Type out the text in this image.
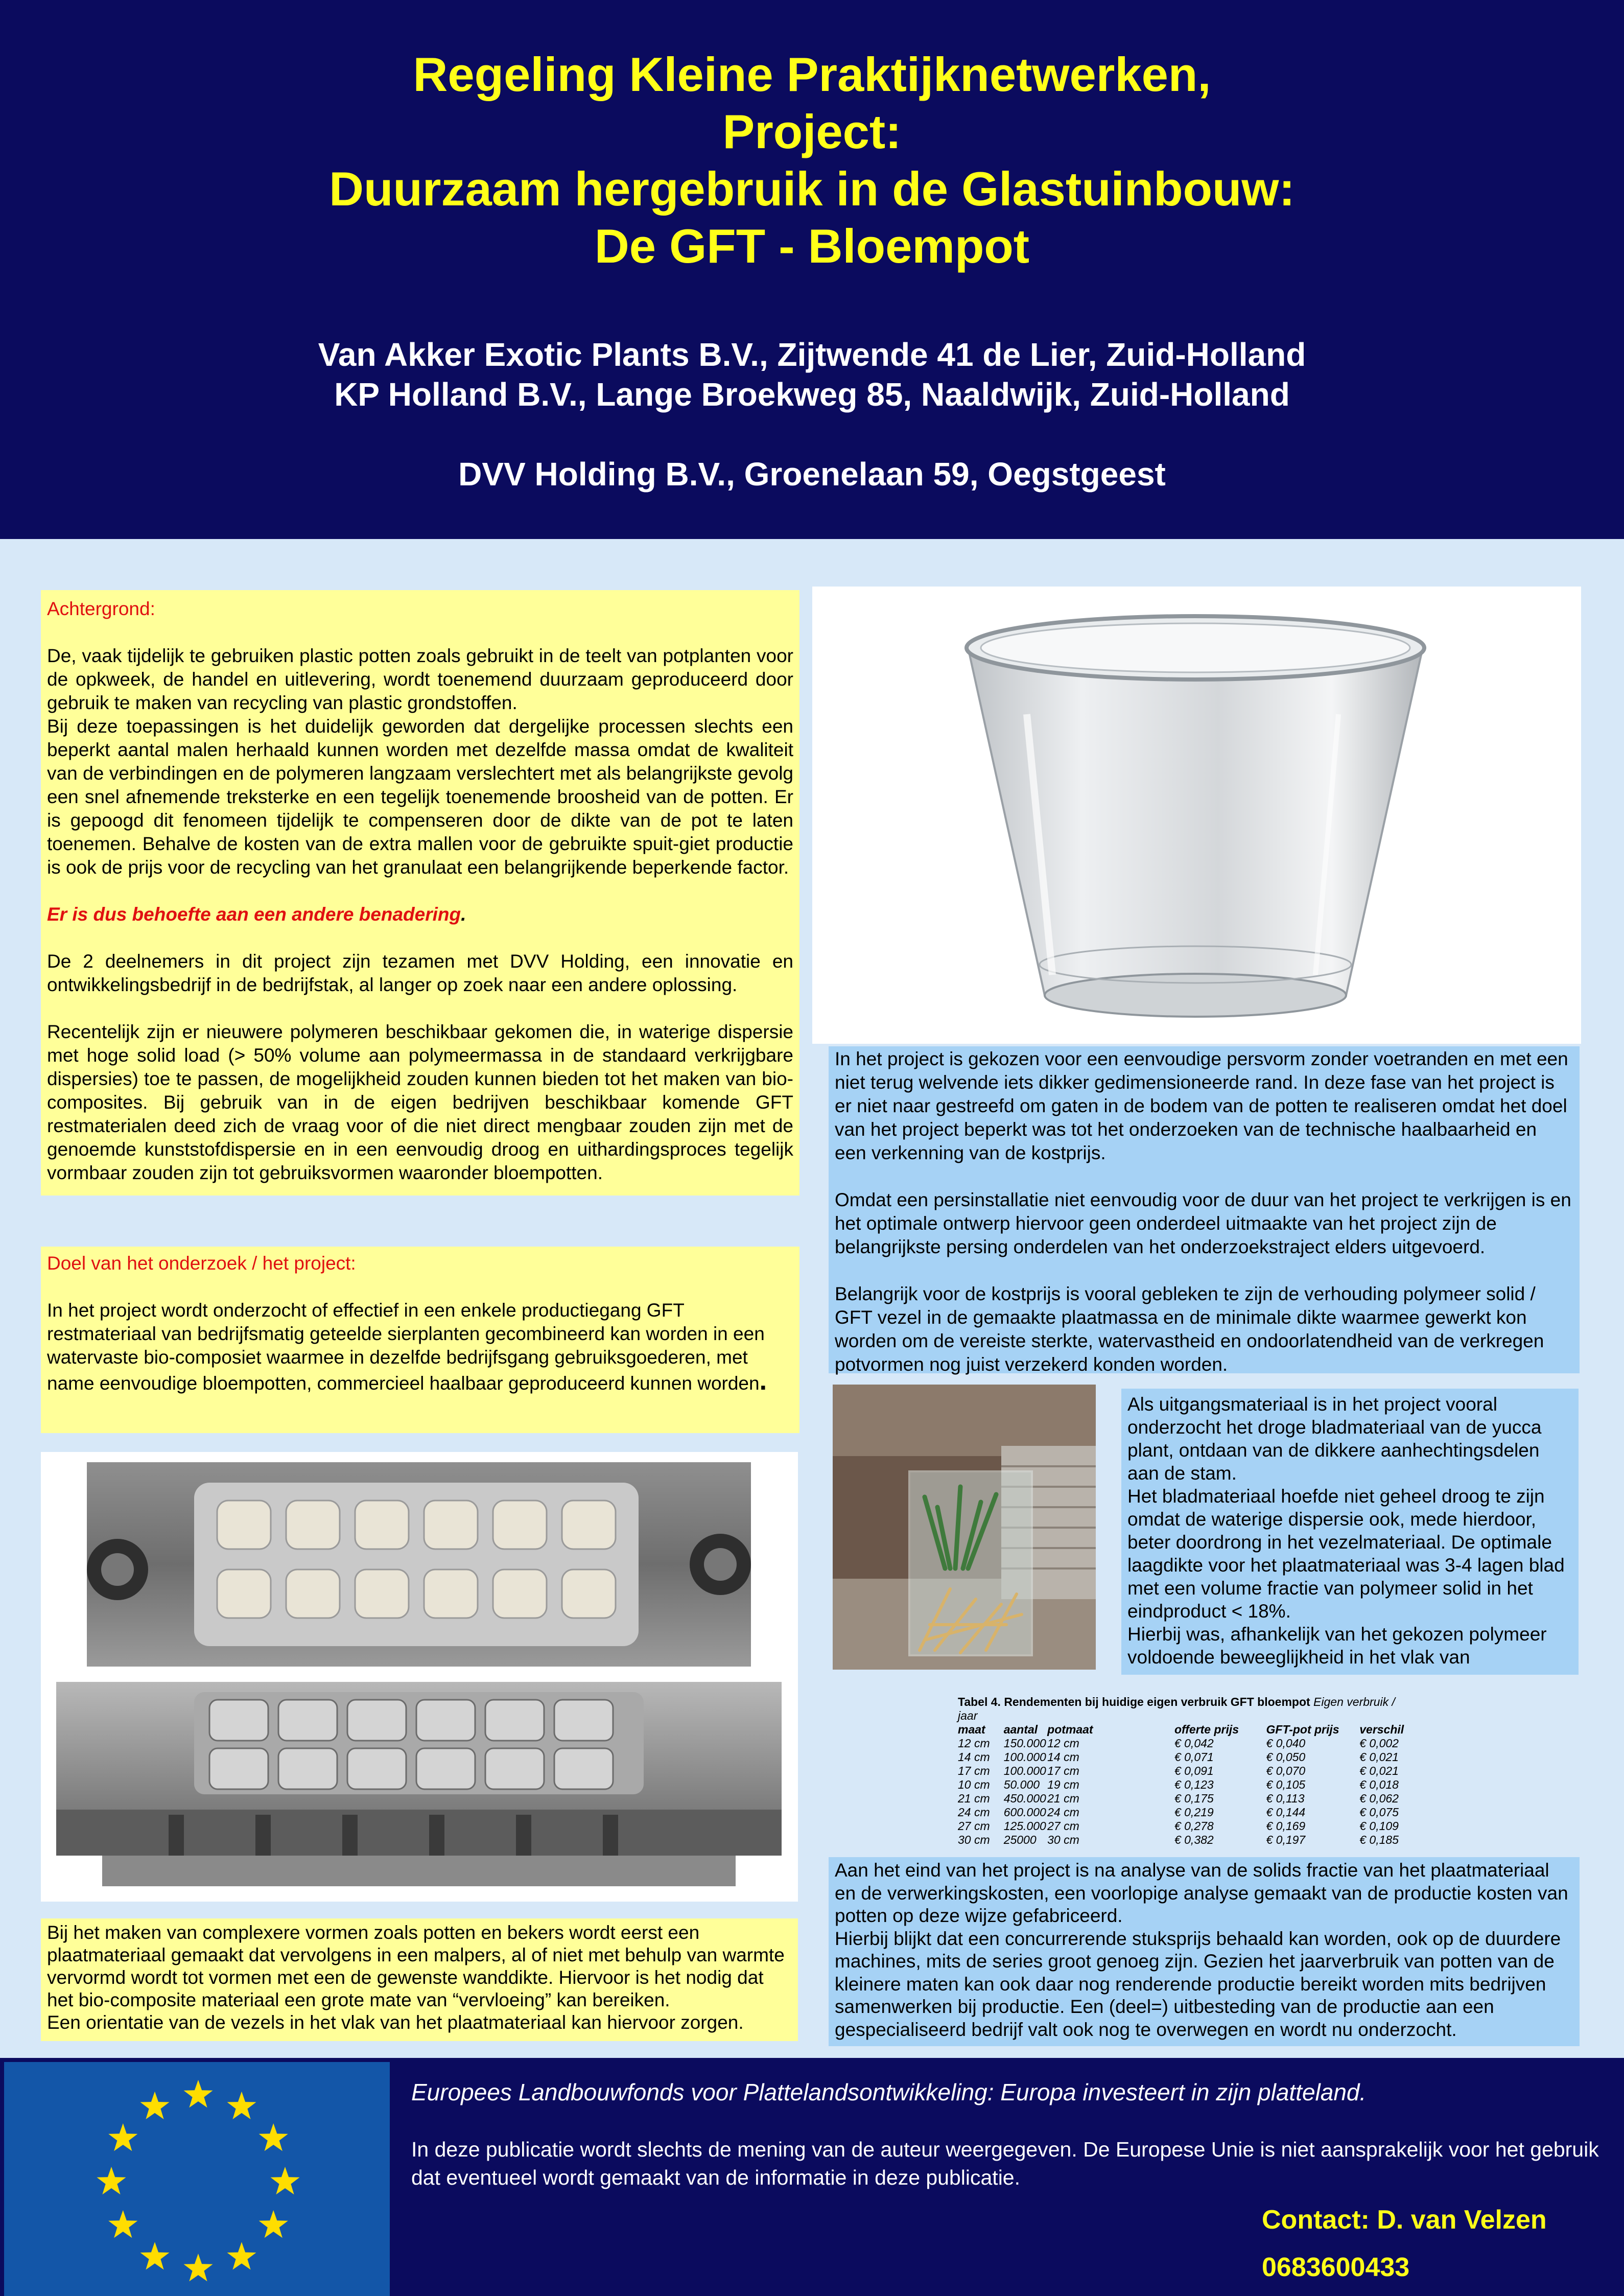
Regeling Kleine Praktijknetwerken,
Project:
Duurzaam hergebruik in de Glastuinbouw:
De GFT - Bloempot
Van Akker Exotic Plants B.V., Zijtwende 41 de Lier, Zuid-Holland
KP Holland B.V., Lange Broekweg 85, Naaldwijk, Zuid-Holland
DVV Holding B.V., Groenelaan 59, Oegstgeest
Achtergrond:
De, vaak tijdelijk te gebruiken plastic potten zoals gebruikt in de teelt van potplanten voor de opkweek, de handel en uitlevering, wordt toenemend duurzaam geproduceerd door gebruik te maken van recycling van plastic grondstoffen.
Bij deze toepassingen is het duidelijk geworden dat dergelijke processen slechts een beperkt aantal malen herhaald kunnen worden met dezelfde massa omdat de kwaliteit van de verbindingen en de polymeren langzaam verslechtert met als belangrijkste gevolg een snel afnemende treksterke en een tegelijk toenemende broosheid van de potten. Er is gepoogd dit fenomeen tijdelijk te compenseren door de dikte van de pot te laten toenemen. Behalve de kosten van de extra mallen voor de gebruikte spuit-giet productie is ook de prijs voor de recycling van het granulaat een belangrijkende beperkende factor.
Er is dus behoefte aan een andere benadering.
De 2 deelnemers in dit project zijn tezamen met DVV Holding, een innovatie en ontwikkelingsbedrijf in de bedrijfstak, al langer op zoek naar een andere oplossing.
Recentelijk zijn er nieuwere polymeren beschikbaar gekomen die, in waterige dispersie met hoge solid load (> 50% volume aan polymeermassa in de standaard verkrijgbare dispersies) toe te passen, de mogelijkheid zouden kunnen bieden tot het maken van bio-composites. Bij gebruik van in de eigen bedrijven beschikbaar komende GFT restmaterialen deed zich de vraag voor of die niet direct mengbaar zouden zijn met de genoemde kunststofdispersie en in een eenvoudig droog en uithardingsproces tegelijk vormbaar zouden zijn tot gebruiksvormen waaronder bloempotten.
Doel van het onderzoek / het project:
In het project wordt onderzocht of effectief in een enkele productiegang GFT restmateriaal van bedrijfsmatig geteelde sierplanten gecombineerd kan worden in een watervaste bio-composiet waarmee in dezelfde bedrijfsgang gebruiksgoederen, met name eenvoudige bloempotten, commercieel haalbaar geproduceerd kunnen worden.
Bij het maken van complexere vormen zoals potten en bekers wordt eerst een plaatmateriaal gemaakt dat vervolgens in een malpers, al of niet met behulp van warmte vervormd wordt tot vormen met een de gewenste wanddikte. Hiervoor is het nodig dat het bio-composite materiaal een grote mate van “vervloeing” kan bereiken.
Een orientatie van de vezels in het vlak van het plaatmateriaal kan hiervoor zorgen.
In het project is gekozen voor een eenvoudige persvorm zonder voetranden en met een niet terug welvende iets dikker gedimensioneerde rand. In deze fase van het project is er niet naar gestreefd om gaten in de bodem van de potten te realiseren omdat het doel van het project beperkt was tot het onderzoeken van de technische haalbaarheid en een verkenning van de kostprijs.
Omdat een persinstallatie niet eenvoudig voor de duur van het project te verkrijgen is en het optimale ontwerp hiervoor geen onderdeel uitmaakte van het project zijn de belangrijkste persing onderdelen van het onderzoekstraject elders uitgevoerd.
Belangrijk voor de kostprijs is vooral gebleken te zijn de verhouding polymeer solid / GFT vezel in de gemaakte plaatmassa en de minimale dikte waarmee gewerkt kon worden om de vereiste sterkte, watervastheid en ondoorlatendheid van de verkregen potvormen nog juist verzekerd konden worden.
Als uitgangsmateriaal is in het project vooral onderzocht het droge bladmateriaal van de yucca plant, ontdaan van de dikkere aanhechtingsdelen aan de stam.
Het bladmateriaal hoefde niet geheel droog te zijn omdat de waterige dispersie ook, mede hierdoor, beter doordrong in het vezelmateriaal. De optimale laagdikte voor het plaatmateriaal was 3-4 lagen blad met een volume fractie van polymeer solid in het eindproduct < 18%.
Hierbij was, afhankelijk van het gekozen polymeer voldoende beweeglijkheid in het vlak van
Tabel 4. Rendementen bij huidige eigen verbruik GFT bloempot Eigen verbruik / jaar
maat	aantal	potmaat	offerte prijs	GFT-pot prijs	verschil
12 cm	150.000	12 cm	€ 0,042	€ 0,040	€ 0,002
14 cm	100.000	14 cm	€ 0,071	€ 0,050	€ 0,021
17 cm	100.000	17 cm	€ 0,091	€ 0,070	€ 0,021
10 cm	50.000	19 cm	€ 0,123	€ 0,105	€ 0,018
21 cm	450.000	21 cm	€ 0,175	€ 0,113	€ 0,062
24 cm	600.000	24 cm	€ 0,219	€ 0,144	€ 0,075
27 cm	125.000	27 cm	€ 0,278	€ 0,169	€ 0,109
30 cm	25000	30 cm	€ 0,382	€ 0,197	€ 0,185
Aan het eind van het project is na analyse van de solids fractie van het plaatmateriaal en de verwerkingskosten, een voorlopige analyse gemaakt van de productie kosten van potten op deze wijze gefabriceerd.
Hierbij blijkt dat een concurrerende stuksprijs behaald kan worden, ook op de duurdere machines, mits de series groot genoeg zijn. Gezien het jaarverbruik van potten van de kleinere maten kan ook daar nog renderende productie bereikt worden mits bedrijven samenwerken bij productie. Een (deel=) uitbesteding van de productie aan een gespecialiseerd bedrijf valt ook nog te overwegen en wordt nu onderzocht.
Europees Landbouwfonds voor Plattelandsontwikkeling: Europa investeert in zijn platteland.
In deze publicatie wordt slechts de mening van de auteur weergegeven. De Europese Unie is niet aansprakelijk voor het gebruik dat eventueel wordt gemaakt van de informatie in deze publicatie.
Contact: D. van Velzen
0683600433
